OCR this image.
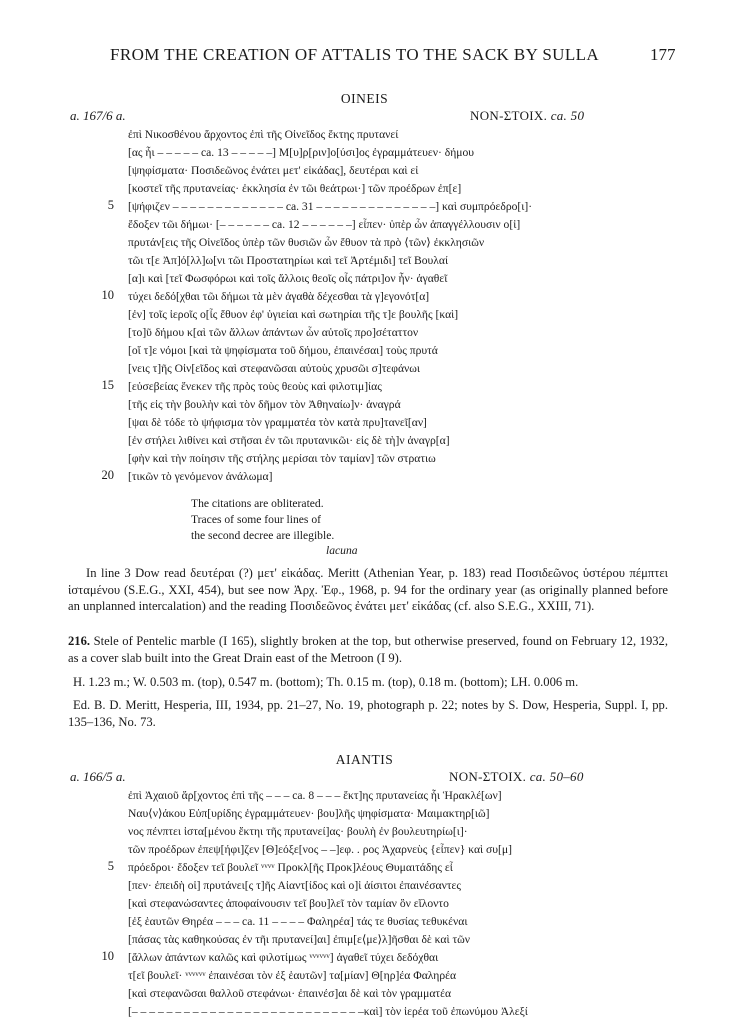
FROM THE CREATION OF ATTALIS TO THE SACK BY SULLA	177
OINEIS
a. 167/6 a.	NON-ΣΤΟΙΧ. ca. 50
ἐπὶ Νικοσθένου ἄρχοντος ἐπὶ τῆς Οἰνεῖδος ἕκτης πρυτανεί
[ας ἧι – – – – – ca. 13 – – – – –] Μ[υ]ρ[ριν]ο[ύσι]ος ἐγραμμάτευεν· δήμου
[ψηφίσματα· Ποσιδεῶνος ἐνάτει μετ' εἰκάδας], δευτέραι καὶ εἰ
[κοστεῖ τῆς πρυτανείας· ἐκκλησία ἐν τῶι θεάτρωι·] τῶν προέδρων ἐπ[ε]
[ψήφιζεν – – – – – – – – – – – – – ca. 31 – – – – – – – – – – – – – –] καὶ συμπρόεδρο[ι]·
ἔδοξεν τῶι δήμωι· [– – – – – – ca. 12 – – – – – –] εἶπεν· ὑπὲρ ὧν ἀπαγγέλλουσιν ο[ἱ]
πρυτάν[εις τῆς Οἰνεῖδος ὑπὲρ τῶν θυσιῶν ὧν ἔθυον τὰ πρὸ ⟨τῶν⟩ ἐκκλησιῶν
τῶι τ[ε Ἀπ]ό[λλ]ω[νι τῶι Προστατηρίωι καὶ τεῖ Ἀρτέμιδι] τεῖ Βουλαί
[α]ι καὶ [τεῖ Φωσφόρωι καὶ τοῖς ἄλλοις θεοῖς οἷς πάτρι]ον ἦν· ἀγαθεῖ
τύχει δεδό[χθαι τῶι δήμωι τὰ μὲν ἀγαθὰ δέχεσθαι τὰ γ]εγονότ[α]
[ἐν] τοῖς ἱεροῖς ο[ἷς ἔθυον ἐφ' ὑγιείαι καὶ σωτηρίαι τῆς τ]ε βουλῆς [καὶ]
[το]ῦ δήμου κ[αὶ τῶν ἄλλων ἁπάντων ὧν αὐτοῖς προ]σέταττον
[οἵ τ]ε νόμοι [καὶ τὰ ψηφίσματα τοῦ δήμου, ἐπαινέσαι] τοὺς πρυτά
[νεις τ]ῆς Οἰν[εῖδος καὶ στεφανῶσαι αὐτοὺς χρυσῶι σ]τεφάνωι
[εὐσεβείας ἕνεκεν τῆς πρὸς τοὺς θεοὺς καὶ φιλοτιμ]ίας
[τῆς εἰς τὴν βουλὴν καὶ τὸν δῆμον τὸν Ἀθηναίω]ν· ἀναγρά
[ψαι δὲ τόδε τὸ ψήφισμα τὸν γραμματέα τὸν κατὰ πρυ]τανεῖ[αν]
[ἐν στήλει λιθίνει καὶ στῆσαι ἐν τῶι πρυτανικῶι· εἰς δὲ τὴ]ν ἀναγρ[α]
[φὴν καὶ τὴν ποίησιν τῆς στήλης μερίσαι τὸν ταμίαν] τῶν στρατιω
[τικῶν τὸ γενόμενον ἀνάλωμα]
5
10
15
20
The citations are obliterated.
Traces of some four lines of
the second decree are illegible.
lacuna
In line 3 Dow read δευτέραι (?) μετ' εἰκάδας. Meritt (Athenian Year, p. 183) read Ποσιδεῶνος ὑστέρου πέμπτει ἱσταμένου (S.E.G., XXI, 454), but see now Ἀρχ. Ἐφ., 1968, p. 94 for the ordinary year (as originally planned before an unplanned intercalation) and the reading Ποσιδεῶνος ἐνάτει μετ' εἰκάδας (cf. also S.E.G., XXIII, 71).
216. Stele of Pentelic marble (I 165), slightly broken at the top, but otherwise preserved, found on February 12, 1932, as a cover slab built into the Great Drain east of the Metroon (I 9).
H. 1.23 m.; W. 0.503 m. (top), 0.547 m. (bottom); Th. 0.15 m. (top), 0.18 m. (bottom); LH. 0.006 m.
Ed. B. D. Meritt, Hesperia, III, 1934, pp. 21–27, No. 19, photograph p. 22; notes by S. Dow, Hesperia, Suppl. I, pp. 135–136, No. 73.
AIANTIS
a. 166/5 a.	NON-ΣΤΟΙΧ. ca. 50–60
ἐπὶ Ἀχαιοῦ ἄρ[χοντος ἐπὶ τῆς – – – ca. 8 – – – ἕκτ]ης πρυτανείας ἧι Ἡρακλέ[ων]
Ναυ⟨ν⟩άκου Εὐπ[υρίδης ἐγραμμάτευεν· βου]λῆς ψηφίσματα· Μαιμακτηρ[ιῶ]
νος πένπτει ἱστα[μένου ἕκτηι τῆς πρυτανεί]ας· βουλὴ ἐν βουλευτηρίω[ι]·
τῶν προέδρων ἐπεψ[ήφι]ζεν [Θ]εόξε[νος – –]εφ. . ρος Ἀχαρνεὺς {εἶπεν} καὶ συ[μ]
πρόεδροι· ἔδοξεν τεῖ βουλεῖ ᵛᵛᵛᵛ Προκλ[ῆς Προκ]λέους Θυμαιτάδης εἶ
[πεν· ἐπειδὴ οἱ] πρυτάνει[ς τ]ῆς Αἰαντ[ίδος καὶ ο]ἱ ἀίσιτοι ἐπαινέσαντες
[καὶ στεφανώσαντες ἀποφαίνουσιν τεῖ βου]λεῖ τὸν ταμίαν ὃν εἵλοντο
[ἐξ ἑαυτῶν Θηρέα – – – ca. 11 – – – – Φαληρέα] τάς τε θυσίας τεθυκέναι
[πάσας τὰς καθηκούσας ἐν τῆι πρυτανεί]αι] ἐπιμ[ε⟨με⟩λ]ῆσθαι δὲ καὶ τῶν
[ἄλλων ἁπάντων καλῶς καὶ φιλοτίμως ᵛᵛᵛᵛᵛᵛ] ἀγαθεῖ τύχει δεδόχθαι
τ[εῖ βουλεῖ· ᵛᵛᵛᵛᵛᵛ ἐπαινέσαι τὸν ἐξ ἑαυτῶν] τα[μίαν] Θ[ηρ]έα Φαληρέα
[καὶ στεφανῶσαι θαλλοῦ στεφάνωι· ἐπαινέσ]αι δὲ καὶ τὸν γραμματέα
[– – – – – – – – – – – – – – – – – – – – – – – – – – –καὶ] τὸν ἱερέα τοῦ ἐπωνύμου Ἀλεξί
5
10
